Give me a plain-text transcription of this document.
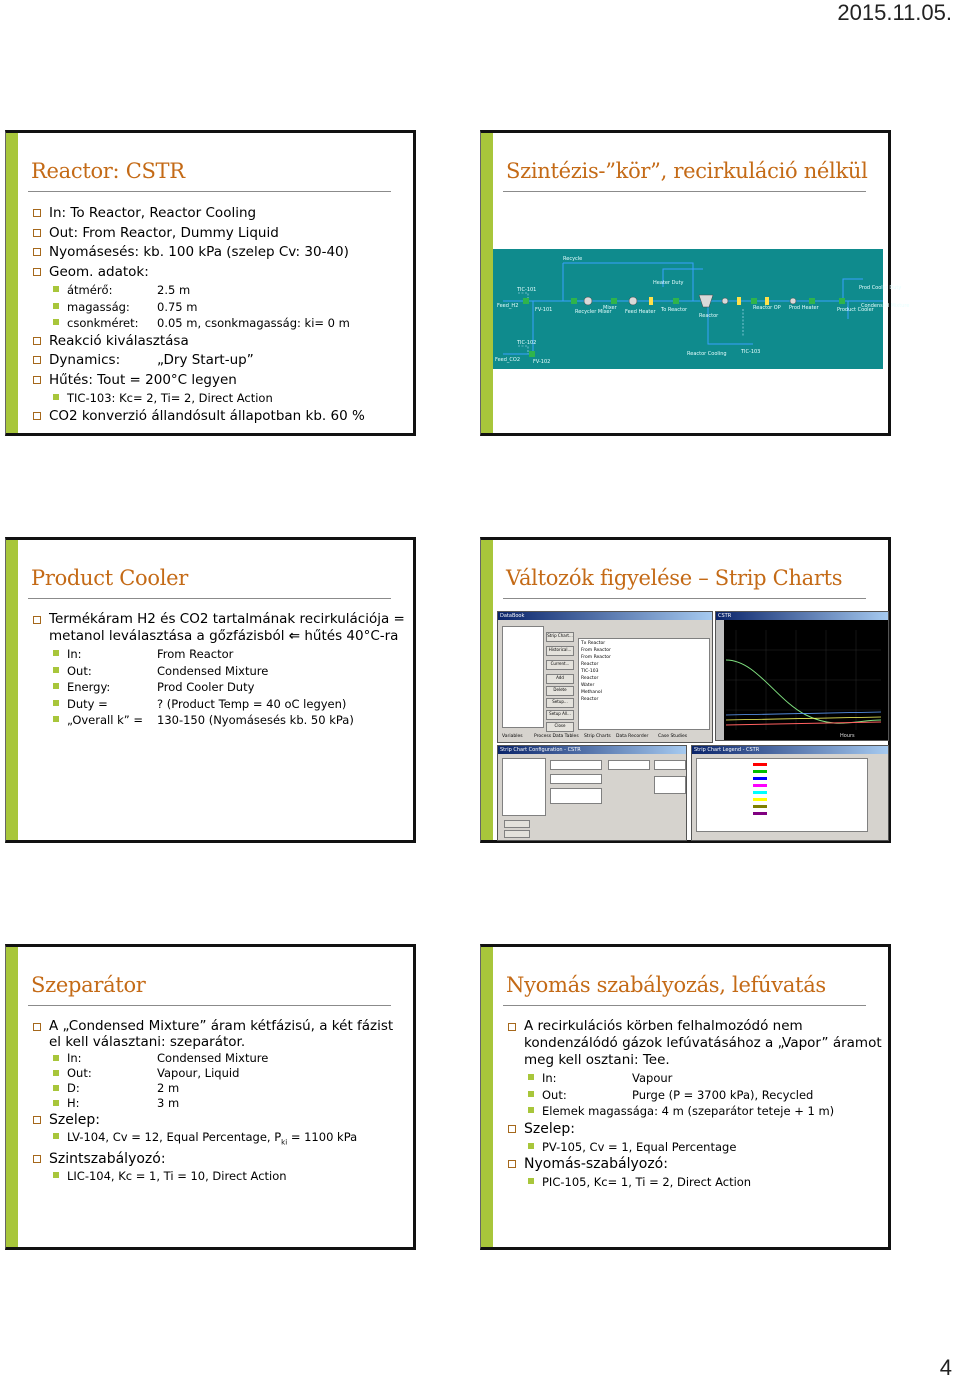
2015.11.05.
Reactor: CSTR
In: To Reactor, Reactor Cooling
Out: From Reactor, Dummy Liquid
Nyomásesés: kb. 100 kPa (szelep Cv: 30-40)
Geom. adatok:
átmérő:	2.5 m
magasság: 0.75 m
csonkméret: 0.05 m, csonkmagasság: ki= 0 m
Reakció kiválasztása
Dynamics:	„Dry Start-up”
Hűtés: Tout = 200°C legyen
TIC-103: Kc= 2, Ti= 2, Direct Action
CO2 konverzió állandósult állapotban kb. 60 %
Szintézis-”kör”, recirkuláció nélkül
Recycle
Heater Duty
TIC-101
FV-101
Feed_H2
Recycler Mixer
Mixer
Feed Heater To Reactor
Reactor
Reactor OP Prod Heater	Product Cooler
Prod Cooler Duty
Condensed Mixture
TIC-102
FV-102
Feed_CO2
Reactor Cooling	TIC-103
Product Cooler
Termékáram H2 és CO2 tartalmának recirkulációja = metanol leválasztása a gőzfázisból ⇐ hűtés 40°C-ra
In:	From Reactor
Out:	Condensed Mixture
Energy:	Prod Cooler Duty
Duty =	? (Product Temp = 40 oC legyen)
„Overall k” = 130-150 (Nyomásesés kb. 50 kPa)
Változók figyelése – Strip Charts
DataBook
Strip Chart...
Historical...
Current...
Add
Delete
Setup...
Setup All...
Close
Tx Reactor
From Reactor
From Reactor
Reactor
TIC-103
Reactor
Water
Methanol
Reactor
Variables	Process Data Tables Strip Charts Data Recorder Case Studies
CSTR
Hours
Strip Chart Configuration - CSTR	Strip Chart Legend - CSTR
Szeparátor
A „Condensed Mixture” áram kétfázisú, a két fázist el kell választani: szeparátor.
In:	Condensed Mixture
Out:	Vapour, Liquid
D:	2 m
H:	3 m
Szelep:
LV-104, Cv = 12, Equal Percentage, $P_{ki} = 1100$ kPa
Szintszabályozó:
LIC-104, Kc = 1, Ti = 10, Direct Action
Nyomás szabályozás, lefúvatás
A recirkulációs körben felhalmozódó nem kondenzálódó gázok lefúvatásához a „Vapor” áramot meg kell osztani: Tee.
In:	Vapour
Out:	Purge (P = 3700 kPa), Recycled
Elemek magassága: 4 m (szeparátor teteje + 1 m)
Szelep:
PV-105, Cv = 1, Equal Percentage
Nyomás-szabályozó:
PIC-105, Kc= 1, Ti = 2, Direct Action
4
